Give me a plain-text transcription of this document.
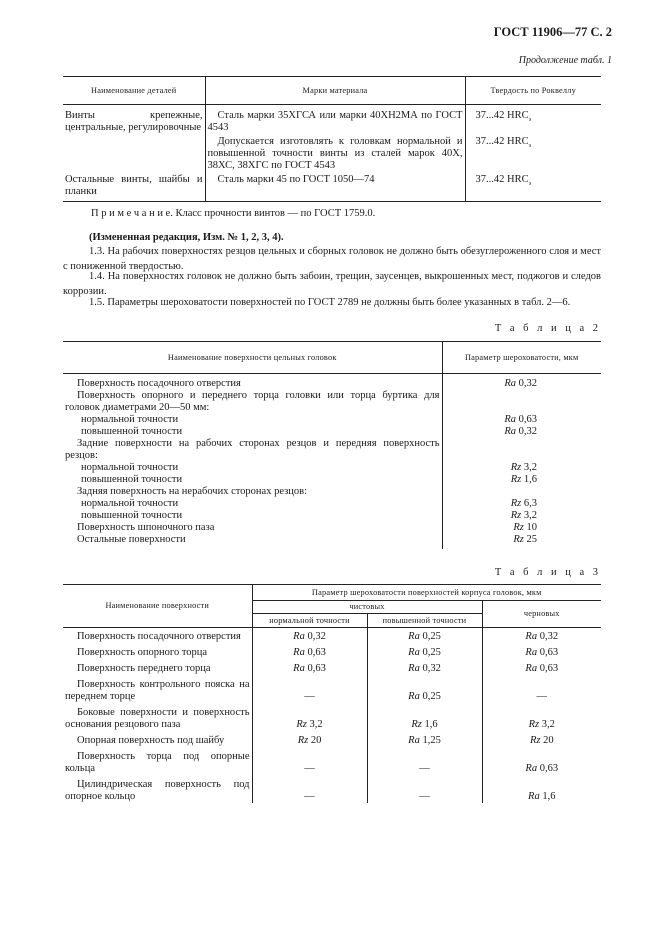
ГОСТ 11906—77 С. 2
Продолжение табл. 1
Наименование деталей	Марки материала	Твердость по Роквеллу
Винты крепежные, центральные, регулировочные	Сталь марки 35ХГСА или марки 40ХН2МА по ГОСТ 4543	37...42 $HRC_э$
	Допускается изготовлять к головкам нормальной и повышенной точности винты из сталей марок 40Х, 38ХС, 38ХГС по ГОСТ 4543	37...42 $HRC_э$
Остальные винты, шайбы и планки	Сталь марки 45 по ГОСТ 1050—74	37...42 $HRC_э$
П р и м е ч а н и е. Класс прочности винтов — по ГОСТ 1759.0.
(Измененная редакция, Изм. № 1, 2, 3, 4).
1.3. На рабочих поверхностях резцов цельных и сборных головок не должно быть обезуглероженного слоя и мест с пониженной твердостью.
1.4. На поверхностях головок не должно быть забоин, трещин, заусенцев, выкрошенных мест, поджогов и следов коррозии.
1.5. Параметры шероховатости поверхностей по ГОСТ 2789 не должны быть более указанных в табл. 2—6.
Т а б л и ц а 2
Наименование поверхности цельных головок	Параметр шероховатости, мкм
Поверхность посадочного отверстия	Ra 0,32
Поверхность опорного и переднего торца головки или торца буртика для головок диаметрами 20—50 мм:	
нормальной точности	Ra 0,63
повышенной точности	Ra 0,32
Задние поверхности на рабочих сторонах резцов и передняя поверхность резцов:	
нормальной точности	Rz 3,2
повышенной точности	Rz 1,6
Задняя поверхность на нерабочих сторонах резцов:	
нормальной точности	Rz 6,3
повышенной точности	Rz 3,2
Поверхность шпоночного паза	Rz 10
Остальные поверхности	Rz 25
Т а б л и ц а 3
Наименование поверхности	Параметр шероховатости поверхностей корпуса головок, мкм		
	чистовых		черновых
	нормальной точности	повышенной точности	
Поверхность посадочного отверстия	Ra 0,32	Ra 0,25	Ra 0,32
Поверхность опорного торца	Ra 0,63	Ra 0,25	Ra 0,63
Поверхность переднего торца	Ra 0,63	Ra 0,32	Ra 0,63
Поверхность контрольного пояска на переднем торце	—	Ra 0,25	—
Боковые поверхности и поверхность основания резцового паза	Rz 3,2	Rz 1,6	Rz 3,2
Опорная поверхность под шайбу	Rz 20	Ra 1,25	Rz 20
Поверхность торца под опорные кольца	—	—	Ra 0,63
Цилиндрическая поверхность под опорное кольцо	—	—	Ra 1,6
